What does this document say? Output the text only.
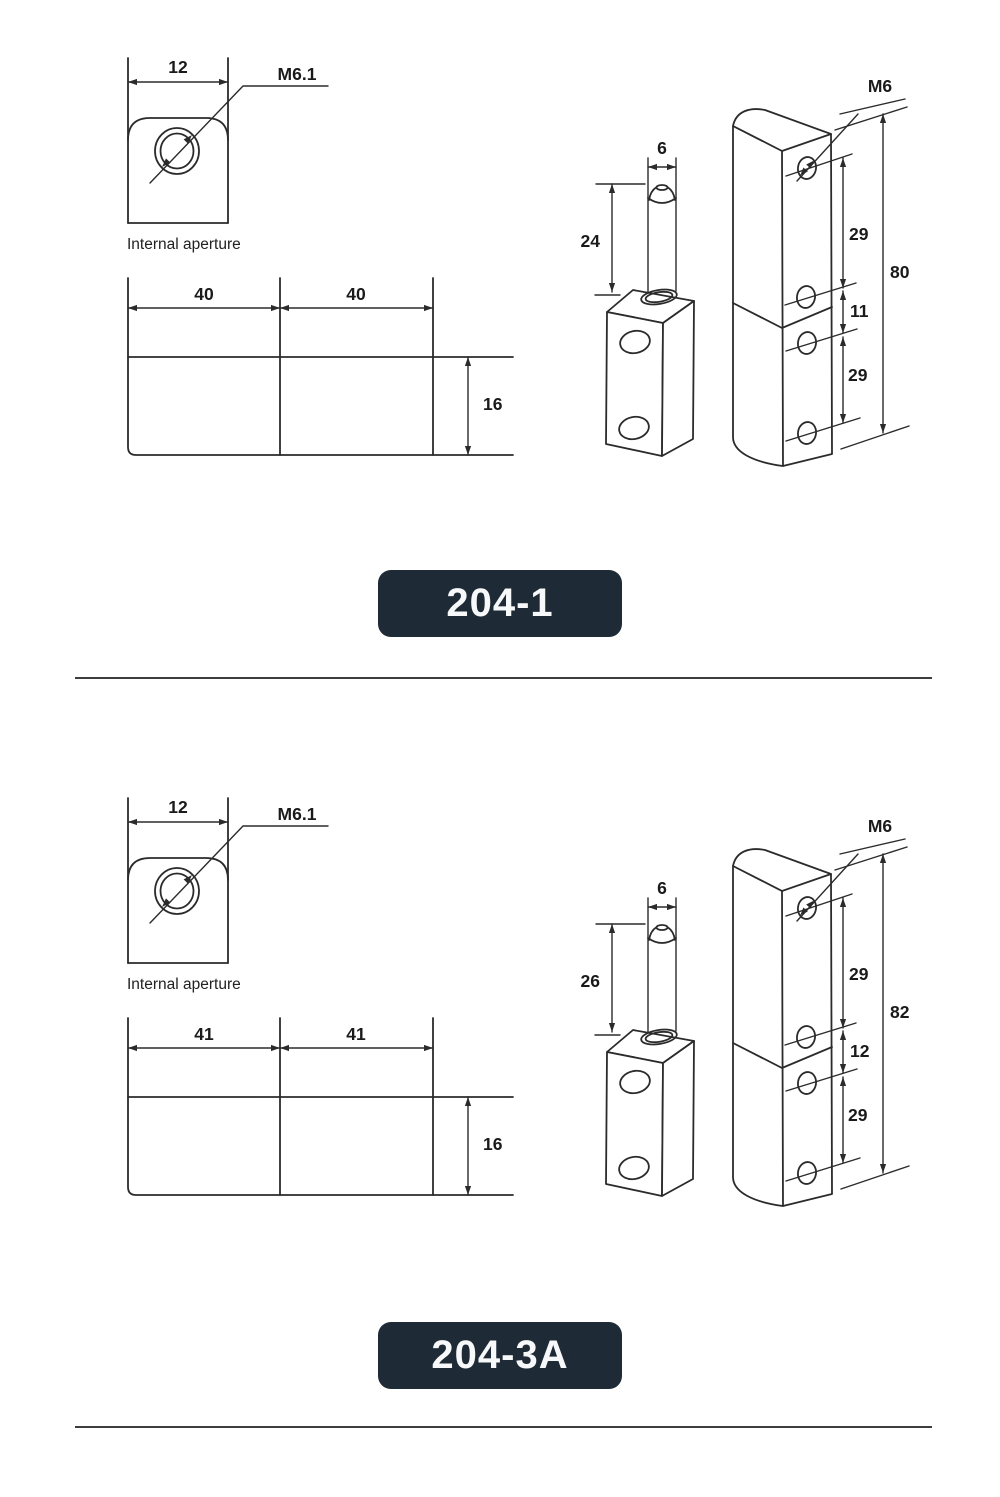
12	M6.1
Internal aperture
40	40
16
6
24
M6
29
11
29
80
204-1
12	M6.1
Internal aperture
41	41
16
6
26
M6
29
12
29
82
204-3A
